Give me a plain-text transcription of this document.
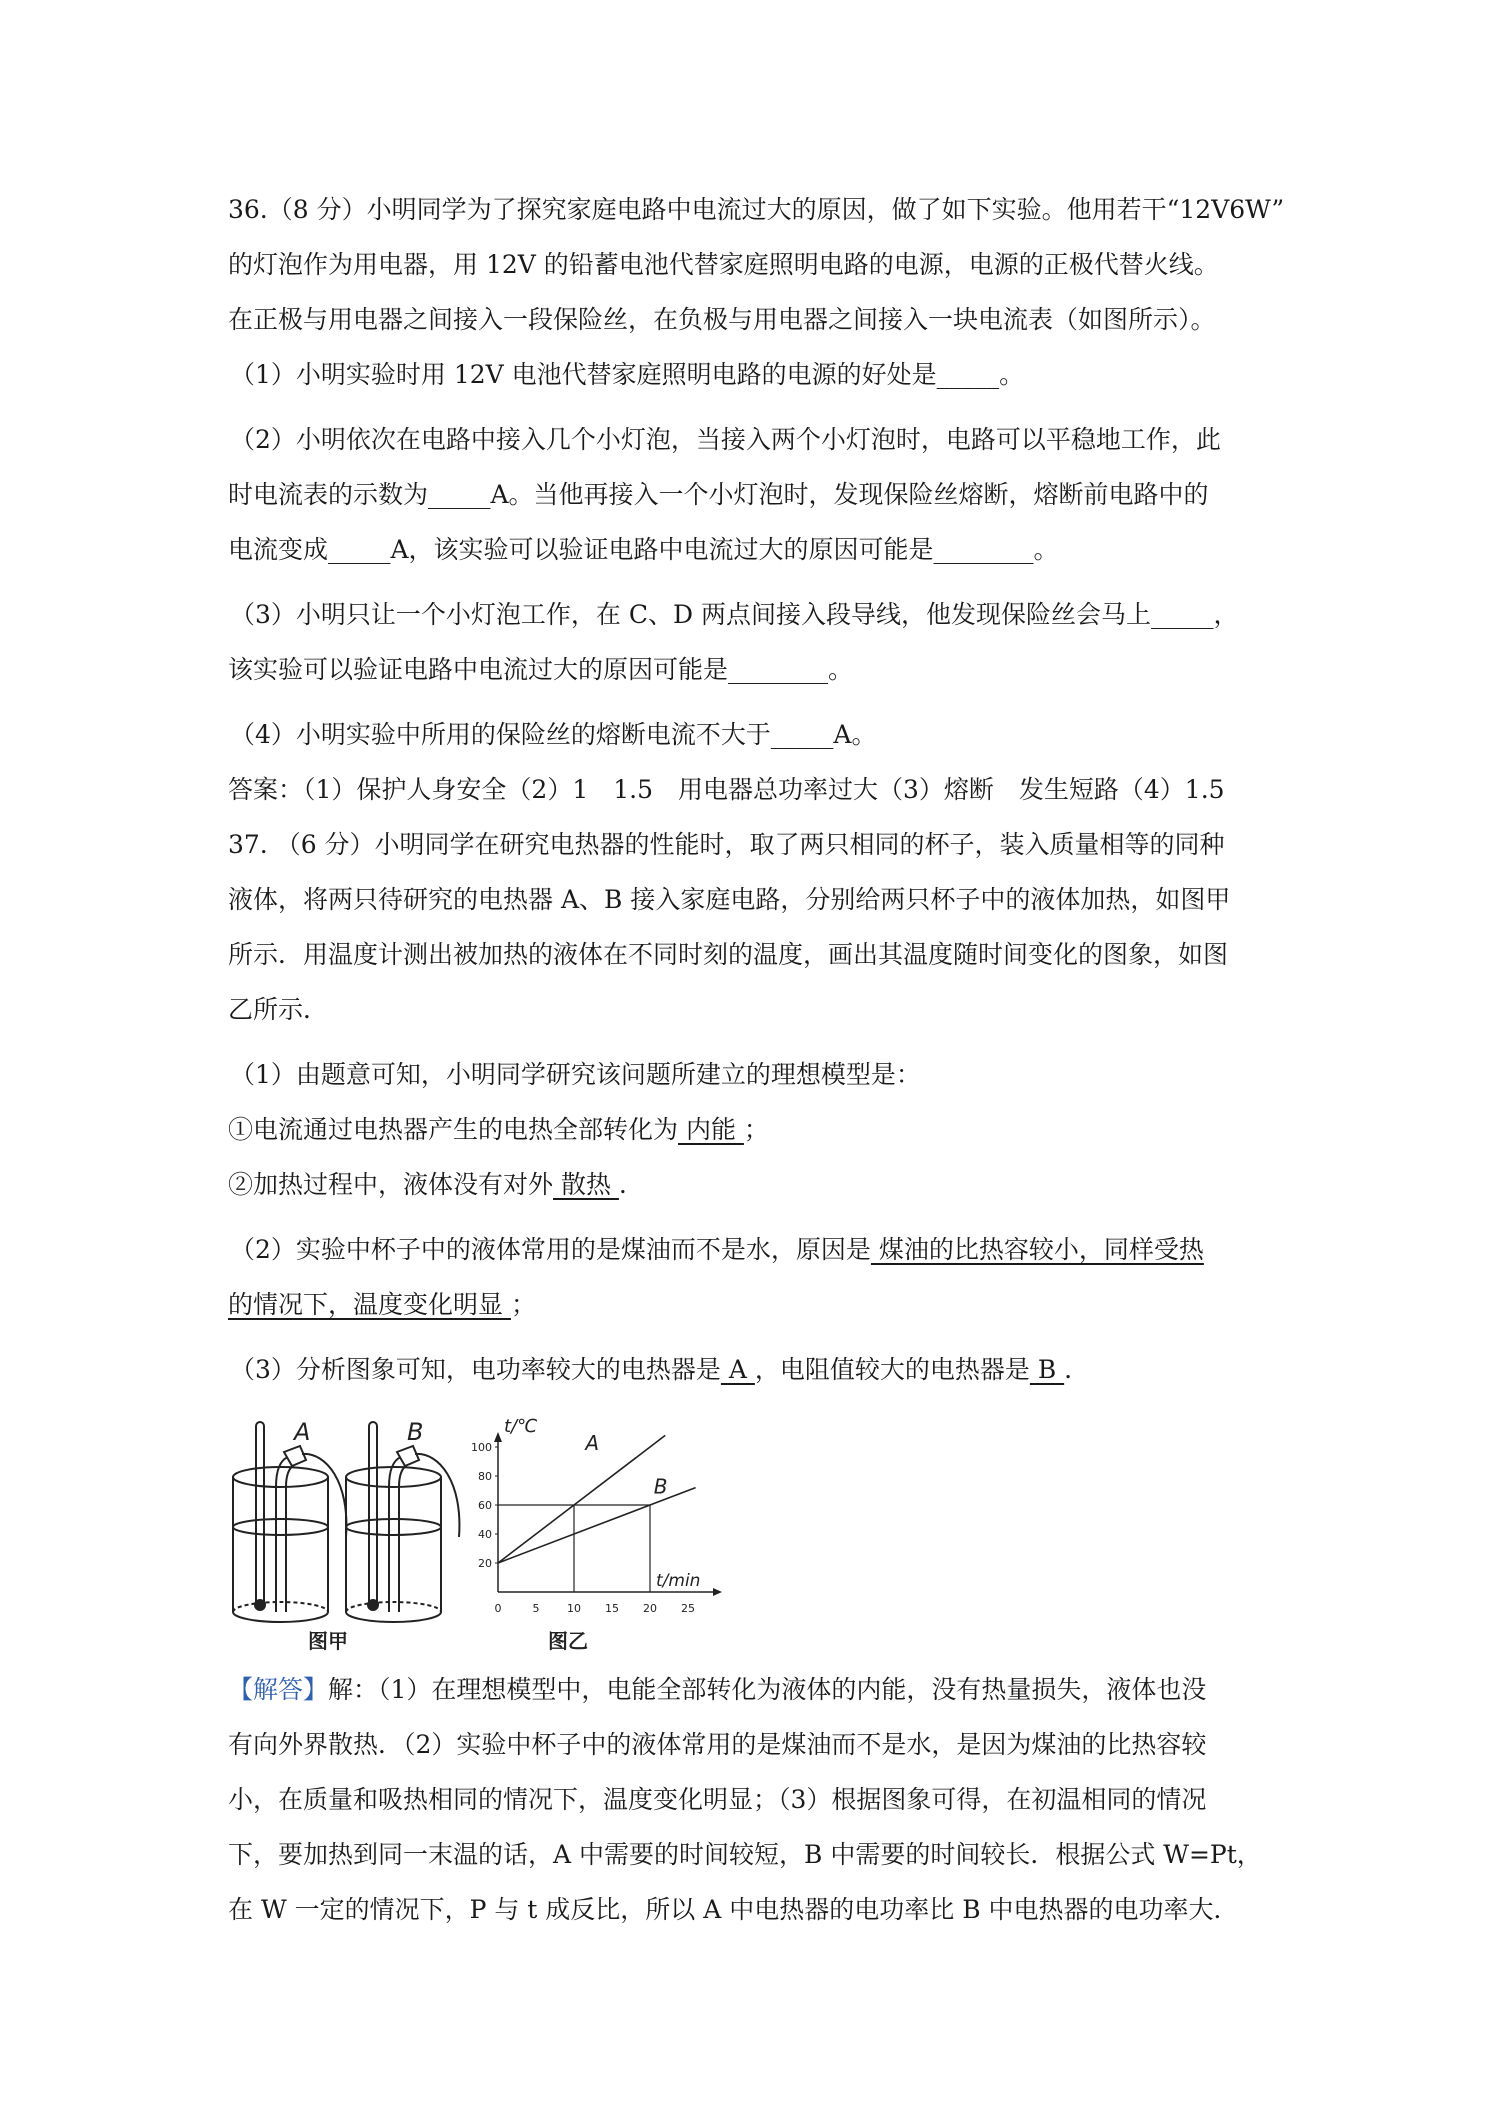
36.（8 分）小明同学为了探究家庭电路中电流过大的原因，做了如下实验。他用若干“12V6W”
的灯泡作为用电器，用 12V 的铅蓄电池代替家庭照明电路的电源，电源的正极代替火线。
在正极与用电器之间接入一段保险丝，在负极与用电器之间接入一块电流表（如图所示）。
（1）小明实验时用 12V 电池代替家庭照明电路的电源的好处是_____。
（2）小明依次在电路中接入几个小灯泡，当接入两个小灯泡时，电路可以平稳地工作，此
时电流表的示数为_____A。当他再接入一个小灯泡时，发现保险丝熔断，熔断前电路中的
电流变成_____A，该实验可以验证电路中电流过大的原因可能是________。
（3）小明只让一个小灯泡工作，在 C、D 两点间接入段导线，他发现保险丝会马上_____，
该实验可以验证电路中电流过大的原因可能是________。
（4）小明实验中所用的保险丝的熔断电流不大于_____A。
答案：（1）保护人身安全（2）1　1.5　用电器总功率过大（3）熔断　发生短路（4）1.5
37. （6 分）小明同学在研究电热器的性能时，取了两只相同的杯子，装入质量相等的同种
液体，将两只待研究的电热器 A、B 接入家庭电路，分别给两只杯子中的液体加热，如图甲
所示．用温度计测出被加热的液体在不同时刻的温度，画出其温度随时间变化的图象，如图
乙所示．
（1）由题意可知，小明同学研究该问题所建立的理想模型是：
①电流通过电热器产生的电热全部转化为 内能 ；
②加热过程中，液体没有对外 散热 .
（2）实验中杯子中的液体常用的是煤油而不是水，原因是 煤油的比热容较小，同样受热
的情况下，温度变化明显 ；
（3）分析图象可知，电功率较大的电热器是 A ，电阻值较大的电热器是 B .
A	B
图甲	图乙
t/℃
t/min
0	5	10 15 20 25
20
40
60
80
100	A
B
【解答】解：（1）在理想模型中，电能全部转化为液体的内能，没有热量损失，液体也没
有向外界散热．（2）实验中杯子中的液体常用的是煤油而不是水，是因为煤油的比热容较
小，在质量和吸热相同的情况下，温度变化明显；（3）根据图象可得，在初温相同的情况
下，要加热到同一末温的话，A 中需要的时间较短，B 中需要的时间较长．根据公式 W=Pt，
在 W 一定的情况下，P 与 t 成反比，所以 A 中电热器的电功率比 B 中电热器的电功率大．
